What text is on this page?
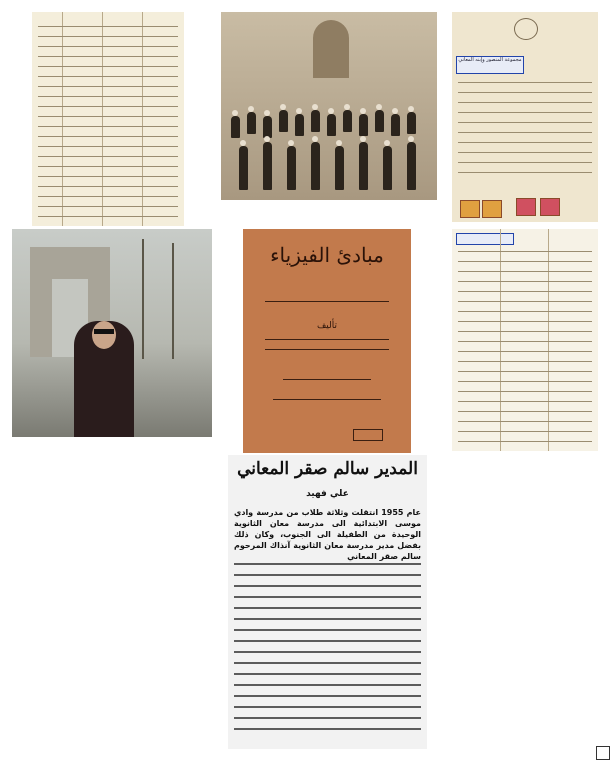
مجموعة المنصور وإبنه المعاني
مبادئ الفيزياء
تأليف
المدير سالم صقر المعاني
علي فهيد
عام 1955 انتقلت وثلاثة طلاب من مدرسة وادي موسى الابتدائية الى مدرسة معان الثانوية الوحيدة من الطفيلة الى الجنوب، وكان ذلك بفضل مدير مدرسة معان الثانوية آنذاك المرحوم سالم صقر المعاني
